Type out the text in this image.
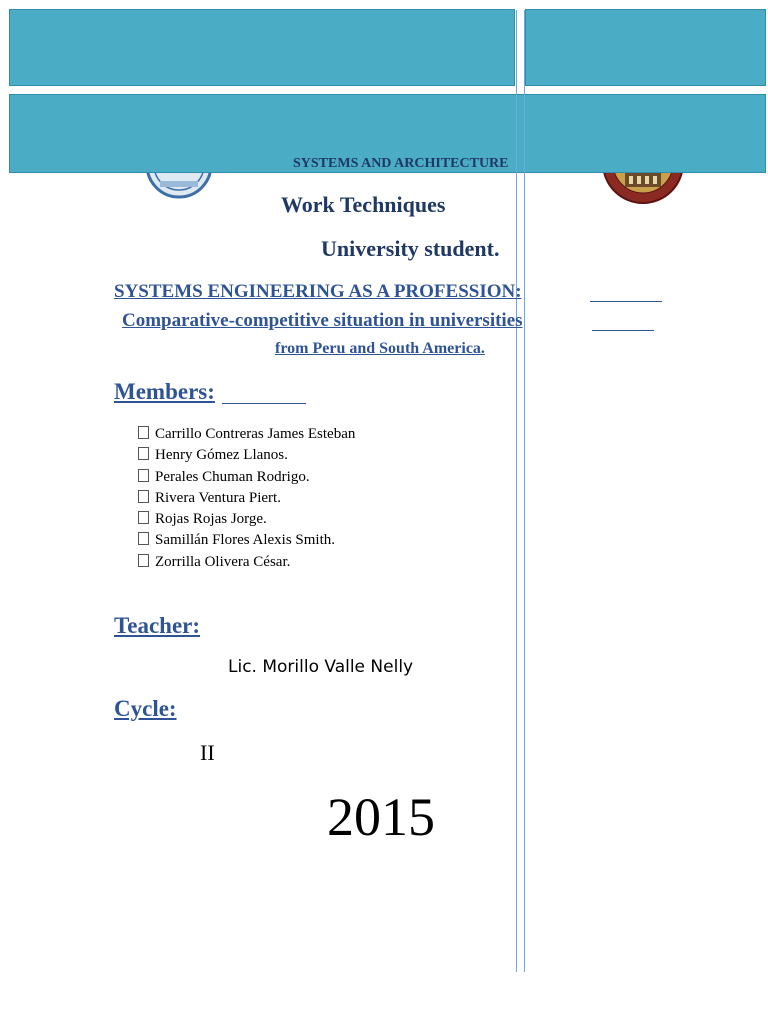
SYSTEMS AND ARCHITECTURE
Work Techniques
University student.
SYSTEMS ENGINEERING AS A PROFESSION:
Comparative-competitive situation in universities
from Peru and South America.
Members:
Carrillo Contreras James Esteban
Henry Gómez Llanos.
Perales Chuman Rodrigo.
Rivera Ventura Piert.
Rojas Rojas Jorge.
Samillán Flores Alexis Smith.
Zorrilla Olivera César.
Teacher:
Lic. Morillo Valle Nelly
Cycle:
II
2015
